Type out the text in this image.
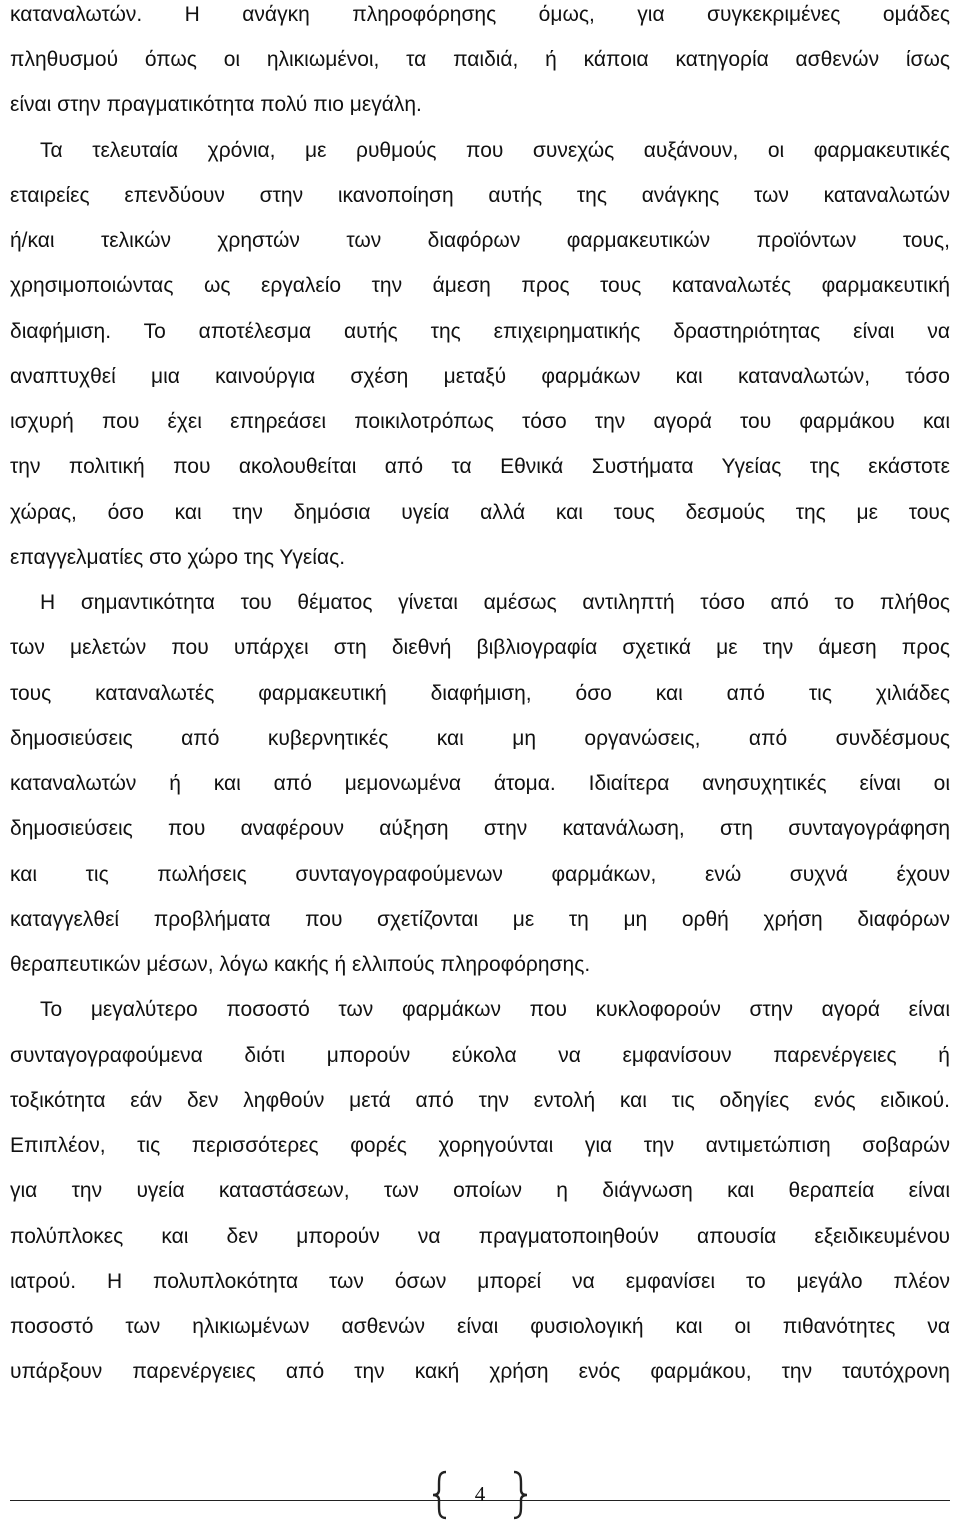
καταναλωτών. Η ανάγκη πληροφόρησης όμως, για συγκεκριμένες ομάδες
πληθυσμού όπως οι ηλικιωμένοι, τα παιδιά, ή κάποια κατηγορία ασθενών ίσως
είναι στην πραγματικότητα πολύ πιο μεγάλη.
Τα τελευταία χρόνια, με ρυθμούς που συνεχώς αυξάνουν, οι φαρμακευτικές
εταιρείες επενδύουν στην ικανοποίηση αυτής της ανάγκης των καταναλωτών
ή/και τελικών χρηστών των διαφόρων φαρμακευτικών προϊόντων τους,
χρησιμοποιώντας ως εργαλείο την άμεση προς τους καταναλωτές φαρμακευτική
διαφήμιση. Το αποτέλεσμα αυτής της επιχειρηματικής δραστηριότητας είναι να
αναπτυχθεί μια καινούργια σχέση μεταξύ φαρμάκων και καταναλωτών, τόσο
ισχυρή που έχει επηρεάσει ποικιλοτρόπως τόσο την αγορά του φαρμάκου και
την πολιτική που ακολουθείται από τα Εθνικά Συστήματα Υγείας της εκάστοτε
χώρας, όσο και την δημόσια υγεία αλλά και τους δεσμούς της με τους
επαγγελματίες στο χώρο της Υγείας.
Η σημαντικότητα του θέματος γίνεται αμέσως αντιληπτή τόσο από το πλήθος
των μελετών που υπάρχει στη διεθνή βιβλιογραφία σχετικά με την άμεση προς
τους καταναλωτές φαρμακευτική διαφήμιση, όσο και από τις χιλιάδες
δημοσιεύσεις από κυβερνητικές και μη οργανώσεις, από συνδέσμους
καταναλωτών ή και από μεμονωμένα άτομα. Ιδιαίτερα ανησυχητικές είναι οι
δημοσιεύσεις που αναφέρουν αύξηση στην κατανάλωση, στη συνταγογράφηση
και τις πωλήσεις συνταγογραφούμενων φαρμάκων, ενώ συχνά έχουν
καταγγελθεί προβλήματα που σχετίζονται με τη μη ορθή χρήση διαφόρων
θεραπευτικών μέσων, λόγω κακής ή ελλιπούς πληροφόρησης.
Το μεγαλύτερο ποσοστό των φαρμάκων που κυκλοφορούν στην αγορά είναι
συνταγογραφούμενα διότι μπορούν εύκολα να εμφανίσουν παρενέργειες ή
τοξικότητα εάν δεν ληφθούν μετά από την εντολή και τις οδηγίες ενός ειδικού.
Επιπλέον, τις περισσότερες φορές χορηγούνται για την αντιμετώπιση σοβαρών
για την υγεία καταστάσεων, των οποίων η διάγνωση και θεραπεία είναι
πολύπλοκες και δεν μπορούν να πραγματοποιηθούν απουσία εξειδικευμένου
ιατρού. Η πολυπλοκότητα των όσων μπορεί να εμφανίσει το μεγάλο πλέον
ποσοστό των ηλικιωμένων ασθενών είναι φυσιολογική και οι πιθανότητες να
υπάρξουν παρενέργειες από την κακή χρήση ενός φαρμάκου, την ταυτόχρονη
4
